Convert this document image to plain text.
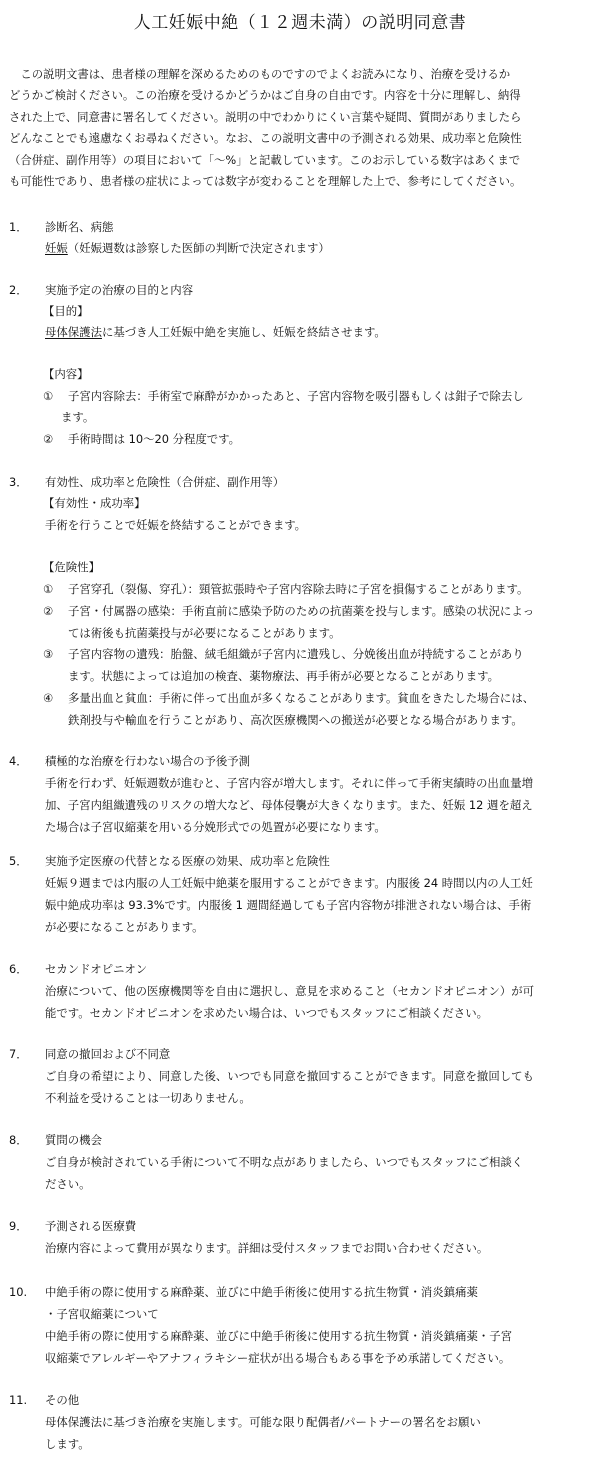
人工妊娠中絶（１２週未満）の説明同意書
　この説明文書は、患者様の理解を深めるためのものですのでよくお読みになり、治療を受けるか
どうかご検討ください。この治療を受けるかどうかはご自身の自由です。内容を十分に理解し、納得
された上で、同意書に署名してください。説明の中でわかりにくい言葉や疑問、質問がありましたら
どんなことでも遠慮なくお尋ねください。なお、この説明文書中の予測される効果、成功率と危険性
（合併症、副作用等）の項目において「～%」と記載しています。このお示している数字はあくまで
も可能性であり、患者様の症状によっては数字が変わることを理解した上で、参考にしてください。
1． 診断名、病態
妊娠（妊娠週数は診察した医師の判断で決定されます）
2． 実施予定の治療の目的と内容
【目的】
母体保護法に基づき人工妊娠中絶を実施し、妊娠を終結させます。
【内容】
① 子宮内容除去：手術室で麻酔がかかったあと、子宮内容物を吸引器もしくは鉗子で除去し
ます。
② 手術時間は 10～20 分程度です。
3． 有効性、成功率と危険性（合併症、副作用等）
【有効性・成功率】
手術を行うことで妊娠を終結することができます。
【危険性】
① 子宮穿孔（裂傷、穿孔）：頸管拡張時や子宮内容除去時に子宮を損傷することがあります。
② 子宮・付属器の感染：手術直前に感染予防のための抗菌薬を投与します。感染の状況によっ
ては術後も抗菌薬投与が必要になることがあります。
③ 子宮内容物の遺残：胎盤、絨毛組織が子宮内に遺残し、分娩後出血が持続することがあり
ます。状態によっては追加の検査、薬物療法、再手術が必要となることがあります。
④ 多量出血と貧血：手術に伴って出血が多くなることがあります。貧血をきたした場合には、
鉄剤投与や輸血を行うことがあり、高次医療機関への搬送が必要となる場合があります。
4． 積極的な治療を行わない場合の予後予測
手術を行わず、妊娠週数が進むと、子宮内容が増大します。それに伴って手術実績時の出血量増
加、子宮内組織遺残のリスクの増大など、母体侵襲が大きくなります。また、妊娠 12 週を超え
た場合は子宮収縮薬を用いる分娩形式での処置が必要になります。
5． 実施予定医療の代替となる医療の効果、成功率と危険性
妊娠９週までは内服の人工妊娠中絶薬を服用することができます。内服後 24 時間以内の人工妊
娠中絶成功率は 93.3%です。内服後 1 週間経過しても子宮内容物が排泄されない場合は、手術
が必要になることがあります。
6． セカンドオピニオン
治療について、他の医療機関等を自由に選択し、意見を求めること（セカンドオピニオン）が可
能です。セカンドオピニオンを求めたい場合は、いつでもスタッフにご相談ください。
7． 同意の撤回および不同意
ご自身の希望により、同意した後、いつでも同意を撤回することができます。同意を撤回しても
不利益を受けることは一切ありません。
8． 質問の機会
ご自身が検討されている手術について不明な点がありましたら、いつでもスタッフにご相談く
ださい。
9． 予測される医療費
治療内容によって費用が異なります。詳細は受付スタッフまでお問い合わせください。
10. 中絶手術の際に使用する麻酔薬、並びに中絶手術後に使用する抗生物質・消炎鎮痛薬
・子宮収縮薬について
中絶手術の際に使用する麻酔薬、並びに中絶手術後に使用する抗生物質・消炎鎮痛薬・子宮
収縮薬でアレルギーやアナフィラキシー症状が出る場合もある事を予め承諾してください。
11. その他
母体保護法に基づき治療を実施します。可能な限り配偶者/パートナーの署名をお願い
します。
